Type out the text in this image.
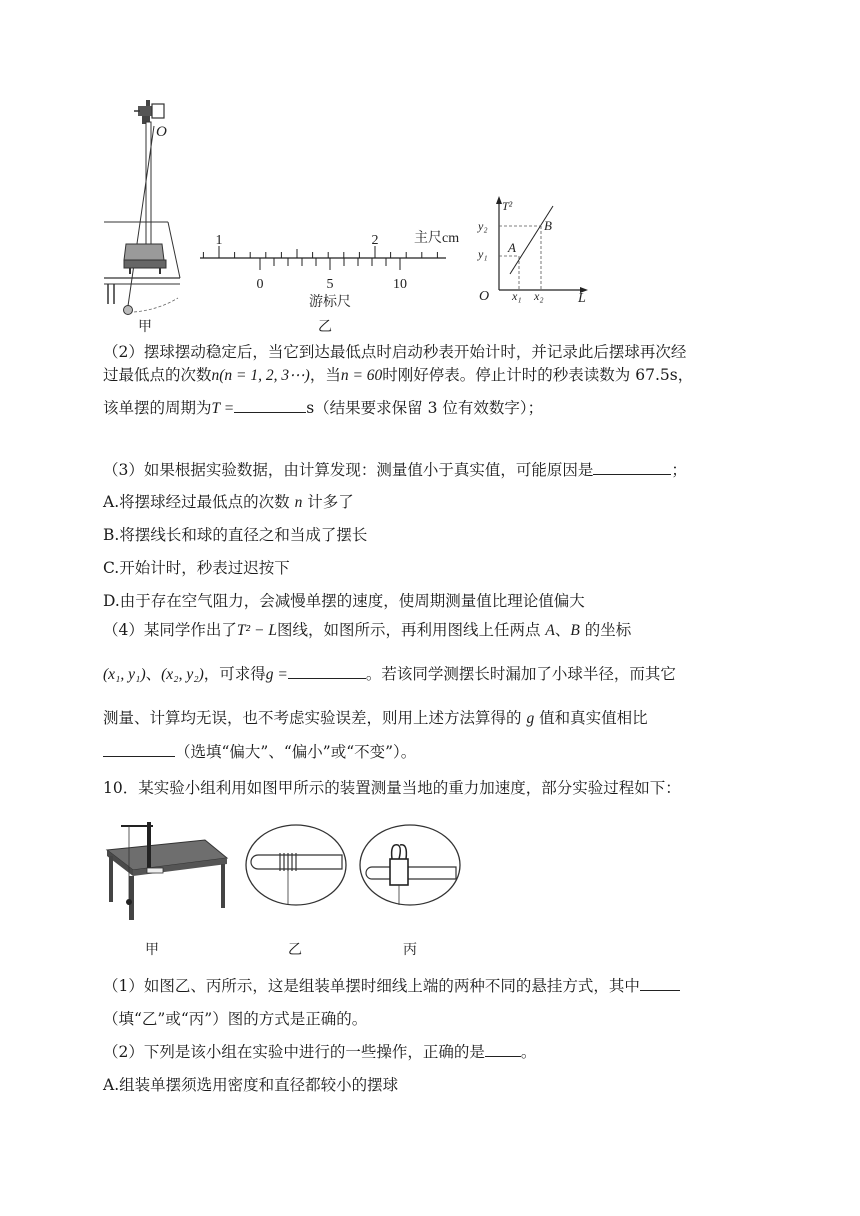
O
甲
1	2	主尺cm
0	5	10
游标尺
乙
T²
y₂
y₁ A
B
O x₁ x₂ L
（2）摆球摆动稳定后，当它到达最低点时启动秒表开始计时，并记录此后摆球再次经
过最低点的次数n(n = 1, 2, 3⋯)，当n = 60时刚好停表。停止计时的秒表读数为 67.5s，
该单摆的周期为T =	s（结果要求保留 3 位有效数字）；
（3）如果根据实验数据，由计算发现：测量值小于真实值，可能原因是	；
A.将摆球经过最低点的次数 n 计多了
B.将摆线长和球的直径之和当成了摆长
C.开始计时，秒表过迟按下
D.由于存在空气阻力，会减慢单摆的速度，使周期测量值比理论值偏大
（4）某同学作出了T² − L图线，如图所示，再利用图线上任两点 A、B 的坐标
(x₁, y₁)、(x₂, y₂)，可求得g =	。若该同学测摆长时漏加了小球半径，而其它
测量、计算均无误，也不考虑实验误差，则用上述方法算得的 g 值和真实值相比
（选填“偏大”、“偏小”或“不变”）。
10．某实验小组利用如图甲所示的装置测量当地的重力加速度，部分实验过程如下：
甲	乙	丙
（1）如图乙、丙所示，这是组装单摆时细线上端的两种不同的悬挂方式，其中
（填“乙”或“丙”）图的方式是正确的。
（2）下列是该小组在实验中进行的一些操作，正确的是 。
A.组装单摆须选用密度和直径都较小的摆球
